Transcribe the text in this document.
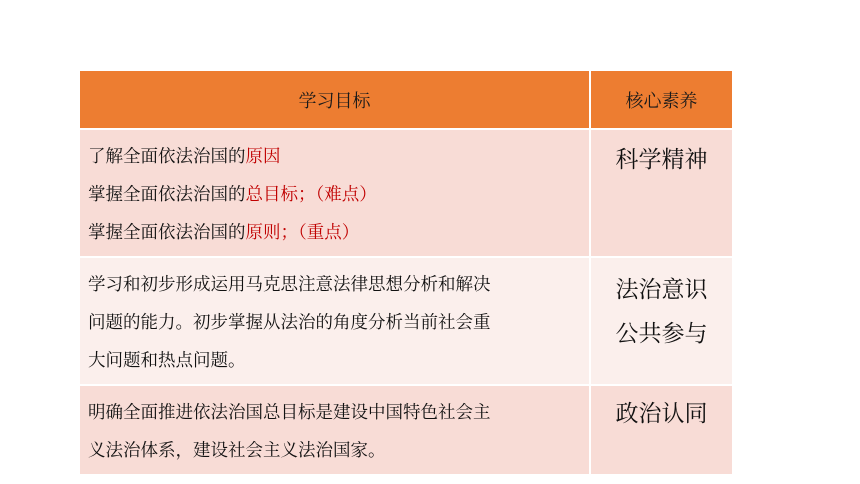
学习目标	核心素养

了解全面依法治国的原因
掌握全面依法治国的总目标；（难点）
掌握全面依法治国的原则；（重点）	科学精神

学习和初步形成运用马克思注意法律思想分析和解决
问题的能力。初步掌握从法治的角度分析当前社会重
大问题和热点问题。	法治意识
公共参与

明确全面推进依法治国总目标是建设中国特色社会主
义法治体系，建设社会主义法治国家。	政治认同
